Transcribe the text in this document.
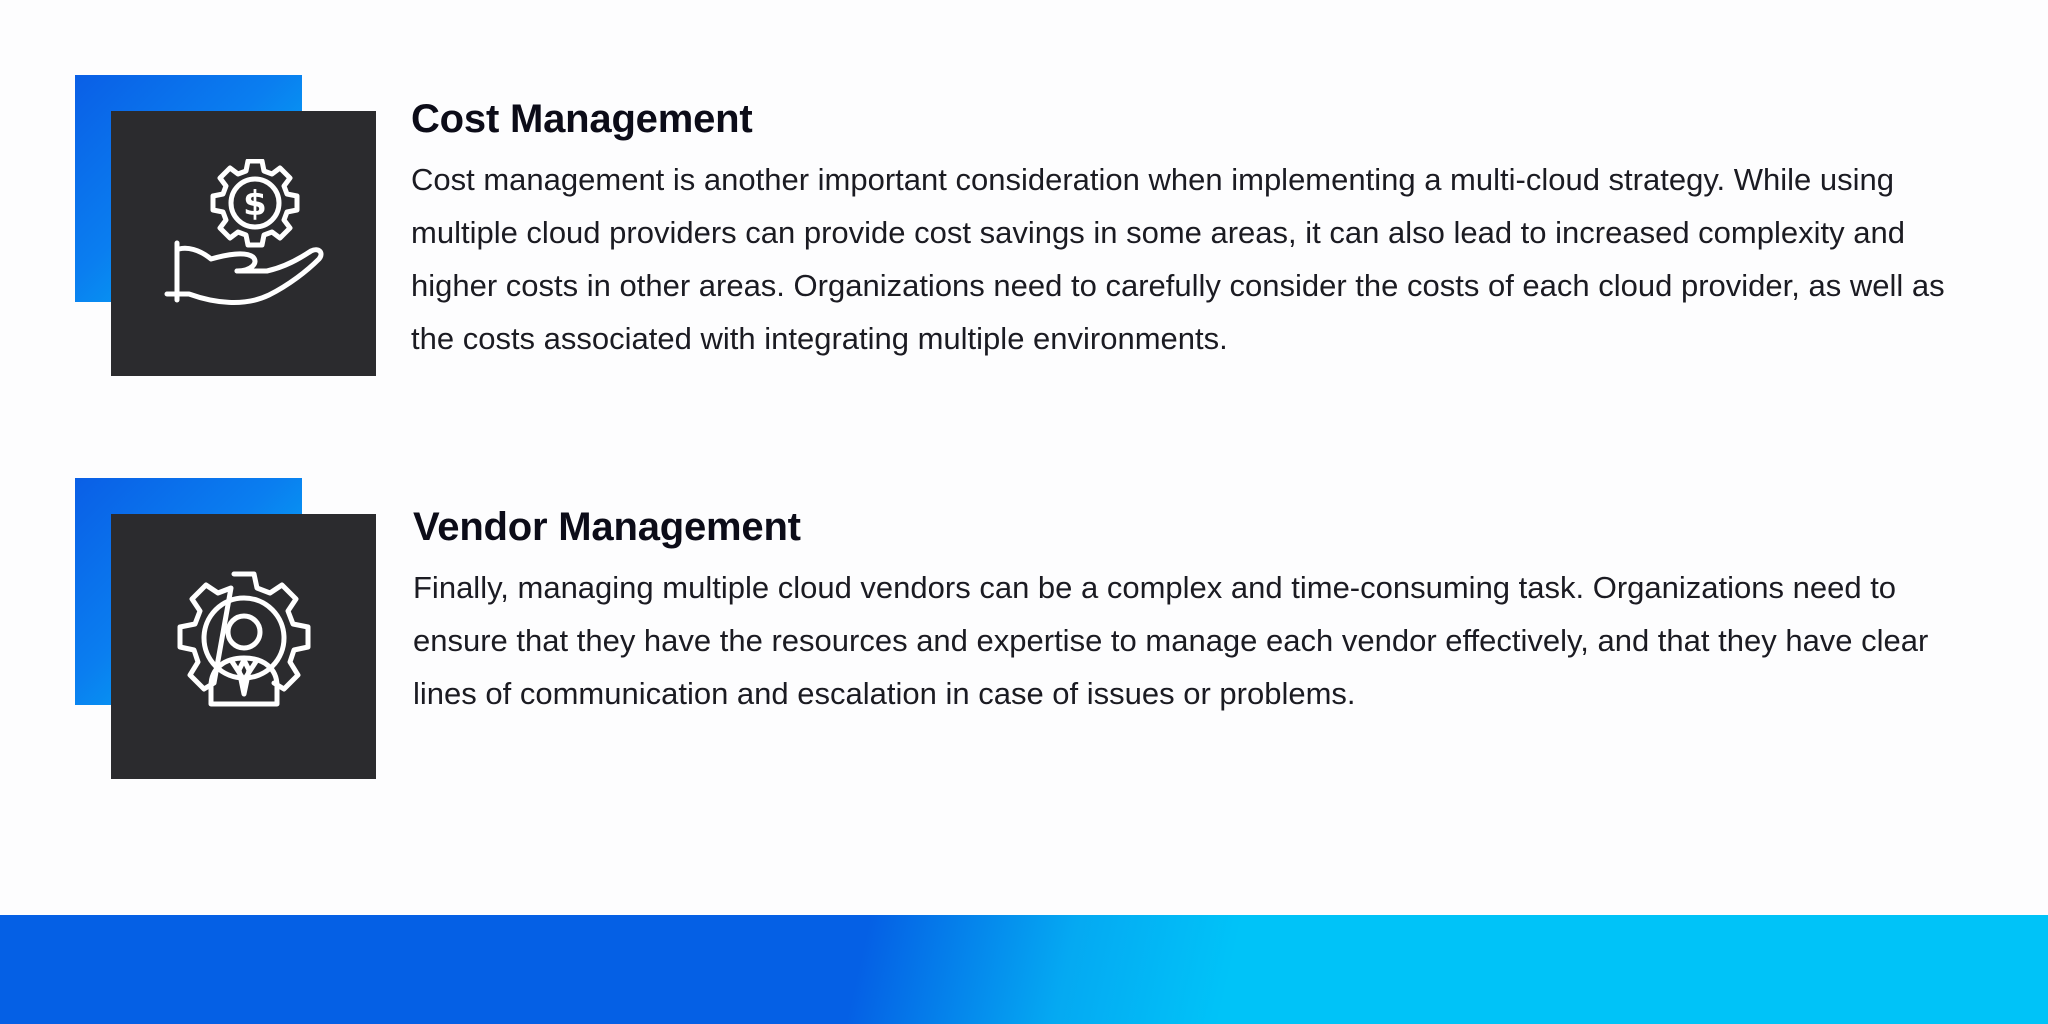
$
Cost Management

Cost management is another important consideration when implementing a multi-cloud strategy. While using multiple cloud providers can provide cost savings in some areas, it can also lead to increased complexity and higher costs in other areas. Organizations need to carefully consider the costs of each cloud provider, as well as the costs associated with integrating multiple environments.

Vendor Management

Finally, managing multiple cloud vendors can be a complex and time-consuming task. Organizations need to ensure that they have the resources and expertise to manage each vendor effectively, and that they have clear lines of communication and escalation in case of issues or problems.
